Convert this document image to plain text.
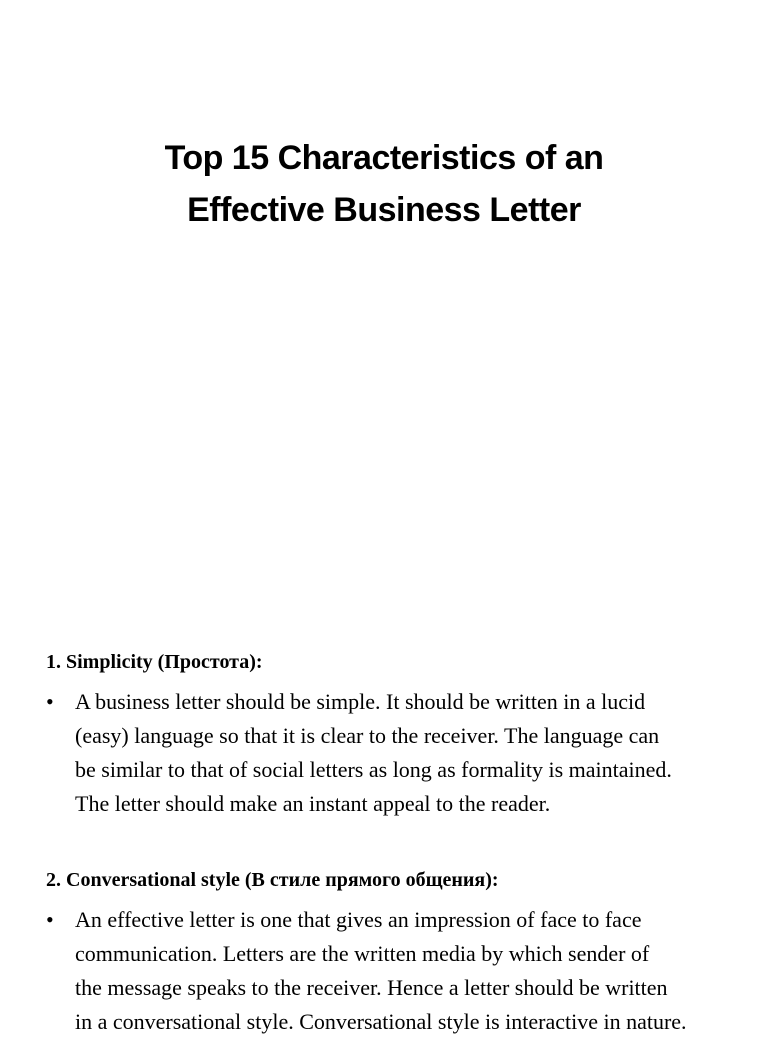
Top 15 Characteristics of an
Effective Business Letter
1. Simplicity (Простота):
• A business letter should be simple. It should be written in a lucid
(easy) language so that it is clear to the receiver. The language can
be similar to that of social letters as long as formality is maintained.
The letter should make an instant appeal to the reader.
2. Conversational style (В стиле прямого общения):
• An effective letter is one that gives an impression of face to face
communication. Letters are the written media by which sender of
the message speaks to the receiver. Hence a letter should be written
in a conversational style. Conversational style is interactive in nature.
